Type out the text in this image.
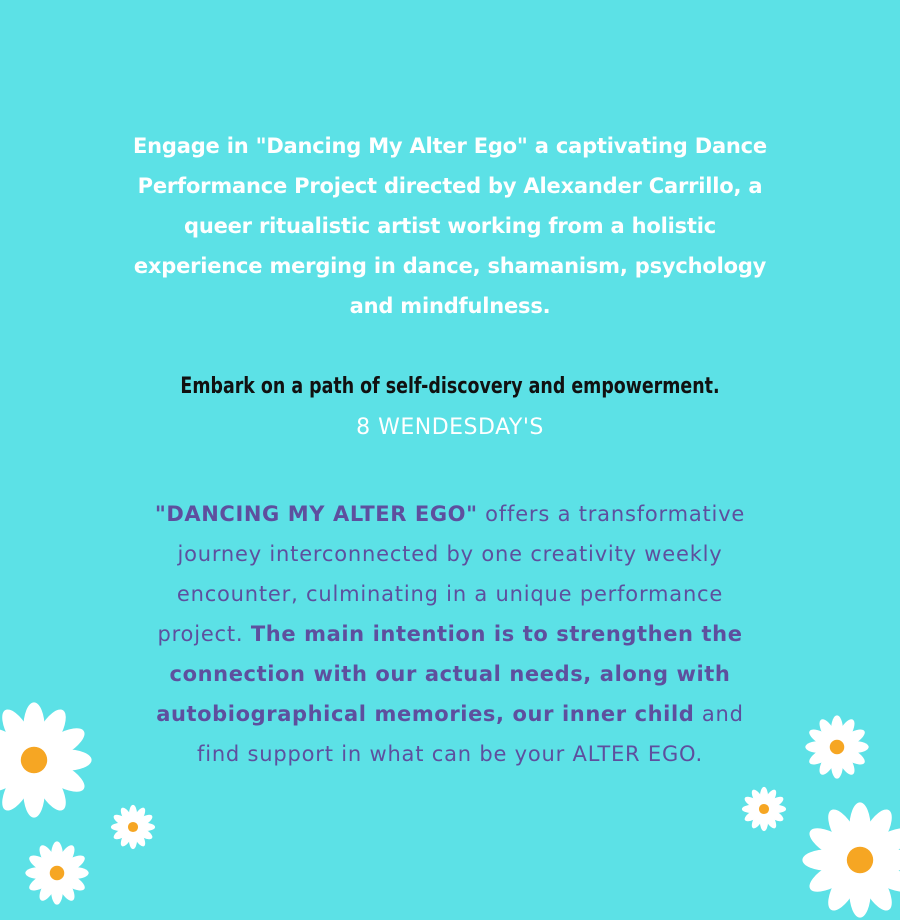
Engage in "Dancing My Alter Ego" a captivating Dance
Performance Project directed by Alexander Carrillo, a
queer ritualistic artist working from a holistic
experience merging in dance, shamanism, psychology
and mindfulness.
Embark on a path of self-discovery and empowerment.
8 WENDESDAY'S
"DANCING MY ALTER EGO" offers a transformative
journey interconnected by one creativity weekly
encounter, culminating in a unique performance
project. The main intention is to strengthen the
connection with our actual needs, along with
autobiographical memories, our inner child and
find support in what can be your ALTER EGO.
